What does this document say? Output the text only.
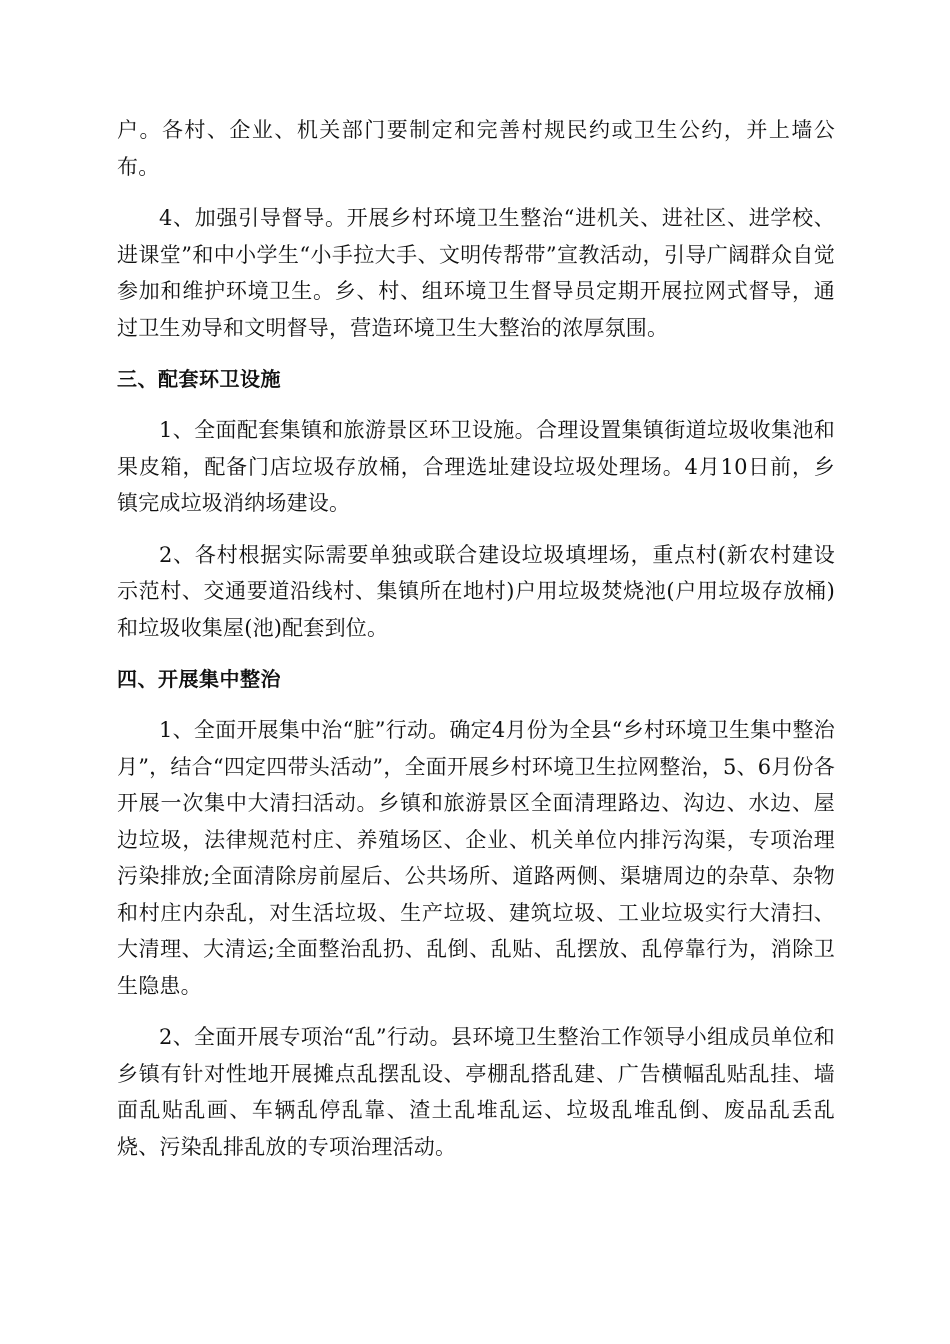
户。各村、企业、机关部门要制定和完善村规民约或卫生公约，并上墙公布。

4、加强引导督导。开展乡村环境卫生整治“进机关、进社区、进学校、进课堂”和中小学生“小手拉大手、文明传帮带”宣教活动，引导广阔群众自觉参加和维护环境卫生。乡、村、组环境卫生督导员定期开展拉网式督导，通过卫生劝导和文明督导，营造环境卫生大整治的浓厚氛围。

三、配套环卫设施

1、全面配套集镇和旅游景区环卫设施。合理设置集镇街道垃圾收集池和果皮箱，配备门店垃圾存放桶，合理选址建设垃圾处理场。4月10日前，乡镇完成垃圾消纳场建设。

2、各村根据实际需要单独或联合建设垃圾填埋场，重点村(新农村建设示范村、交通要道沿线村、集镇所在地村)户用垃圾焚烧池(户用垃圾存放桶)和垃圾收集屋(池)配套到位。

四、开展集中整治

1、全面开展集中治“脏”行动。确定4月份为全县“乡村环境卫生集中整治月”，结合“四定四带头活动”，全面开展乡村环境卫生拉网整治，5、6月份各开展一次集中大清扫活动。乡镇和旅游景区全面清理路边、沟边、水边、屋边垃圾，法律规范村庄、养殖场区、企业、机关单位内排污沟渠，专项治理污染排放;全面清除房前屋后、公共场所、道路两侧、渠塘周边的杂草、杂物和村庄内杂乱，对生活垃圾、生产垃圾、建筑垃圾、工业垃圾实行大清扫、大清理、大清运;全面整治乱扔、乱倒、乱贴、乱摆放、乱停靠行为，消除卫生隐患。

2、全面开展专项治“乱”行动。县环境卫生整治工作领导小组成员单位和乡镇有针对性地开展摊点乱摆乱设、亭棚乱搭乱建、广告横幅乱贴乱挂、墙面乱贴乱画、车辆乱停乱靠、渣土乱堆乱运、垃圾乱堆乱倒、废品乱丢乱烧、污染乱排乱放的专项治理活动。
